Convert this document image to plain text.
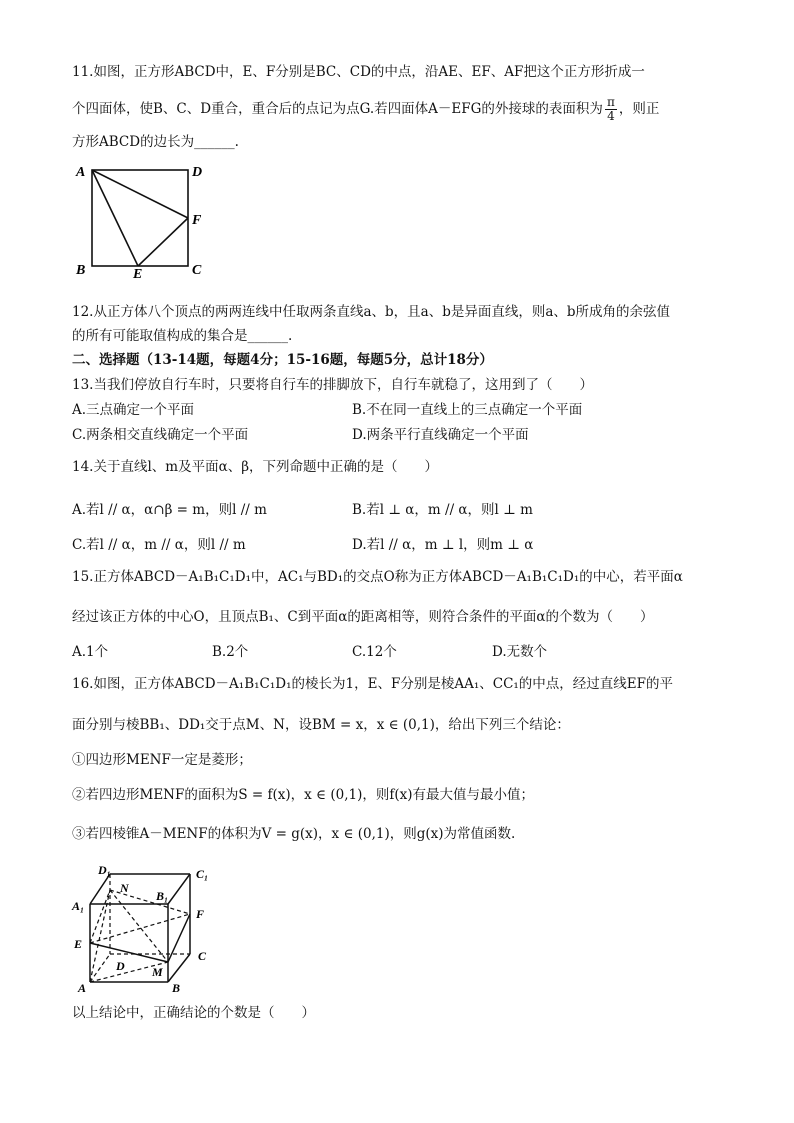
11.如图，正方形ABCD中，E、F分别是BC、CD的中点，沿AE、EF、AF把这个正方形折成一
个四面体，使B、C、D重合，重合后的点记为点G.若四面体A－EFG的外接球的表面积为 $\frac{\pi}{4}$ ，则正
方形ABCD的边长为______.
A	D
F
B	E	C
12.从正方体八个顶点的两两连线中任取两条直线a、b，且a、b是异面直线，则a、b所成角的余弦值
的所有可能取值构成的集合是______.
二、选择题（13-14题，每题4分；15-16题，每题5分，总计18分）
13.当我们停放自行车时，只要将自行车的排脚放下，自行车就稳了，这用到了（　　）
A.三点确定一个平面	B.不在同一直线上的三点确定一个平面
C.两条相交直线确定一个平面	D.两条平行直线确定一个平面
14.关于直线l、m及平面α、β，下列命题中正确的是（　　）
A.若l // α，α∩β = m，则l // m	B.若l ⊥ α，m // α，则l ⊥ m
C.若l // α，m // α，则l // m	D.若l // α，m ⊥ l，则m ⊥ α
15.正方体ABCD－A₁B₁C₁D₁中，AC₁与BD₁的交点O称为正方体ABCD－A₁B₁C₁D₁的中心，若平面α
经过该正方体的中心O，且顶点B₁、C到平面α的距离相等，则符合条件的平面α的个数为（　　）
A.1个	B.2个	C.12个	D.无数个
16.如图，正方体ABCD－A₁B₁C₁D₁的棱长为1，E、F分别是棱AA₁、CC₁的中点，经过直线EF的平
面分别与棱BB₁、DD₁交于点M、N，设BM = x，x ∈ (0,1)，给出下列三个结论：
①四边形MENF一定是菱形；
②若四边形MENF的面积为S = f(x)，x ∈ (0,1)，则f(x)有最大值与最小值；
③若四棱锥A－MENF的体积为V = g(x)，x ∈ (0,1)，则g(x)为常值函数.
D₁	C₁
N
B₁
A₁
F
E
D
C
M
A	B
以上结论中，正确结论的个数是（　　）
